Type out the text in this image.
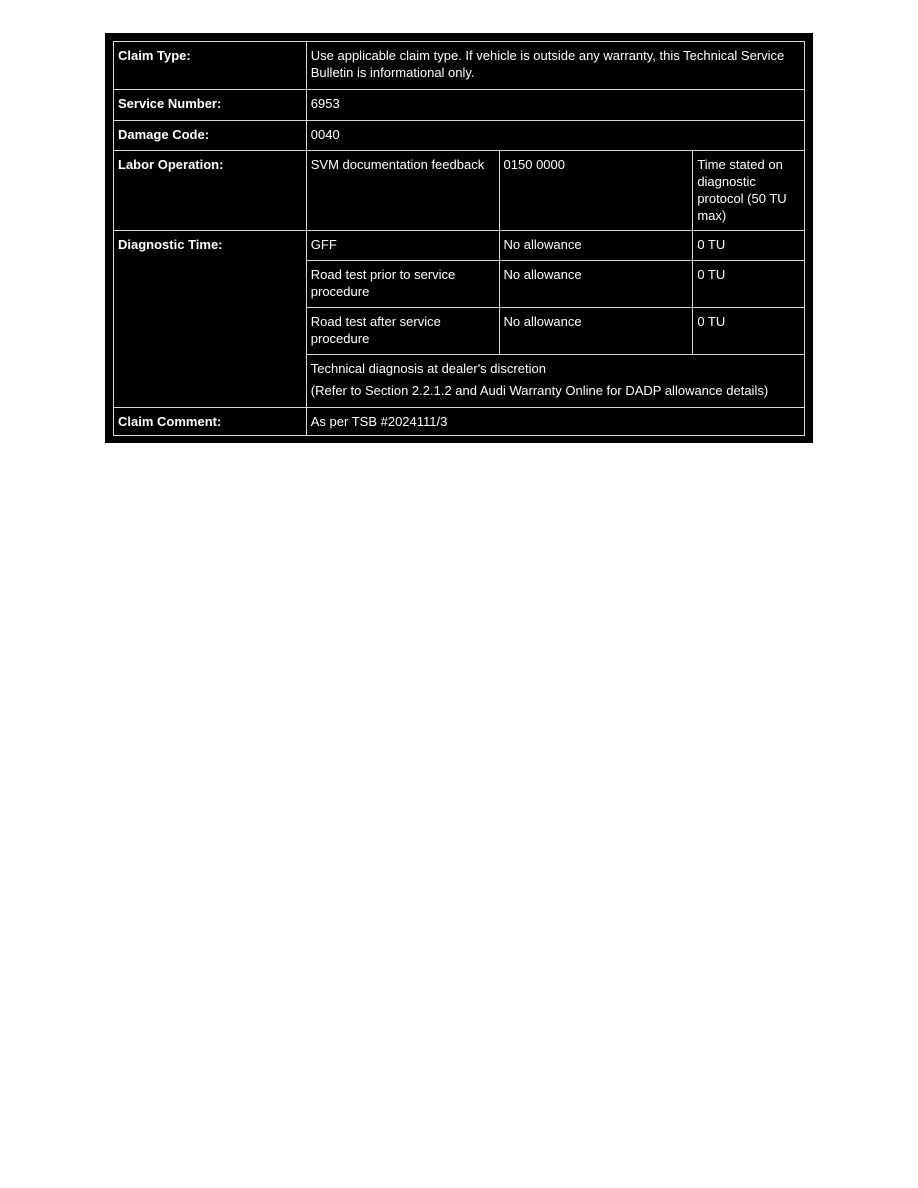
Claim Type:	Use applicable claim type. If vehicle is outside any warranty, this Technical Service Bulletin is informational only.		
Service Number:	6953		
Damage Code:	0040		
Labor Operation:	SVM documentation feedback	0150 0000	Time stated on diagnostic protocol (50 TU max)
Diagnostic Time:	GFF	No allowance	0 TU
	Road test prior to service procedure	No allowance	0 TU
	Road test after service procedure	No allowance	0 TU

	Technical diagnosis at dealer's discretion
(Refer to Section 2.2.1.2 and Audi Warranty Online for DADP allowance details)		

Claim Comment:	As per TSB #2024111/3		
